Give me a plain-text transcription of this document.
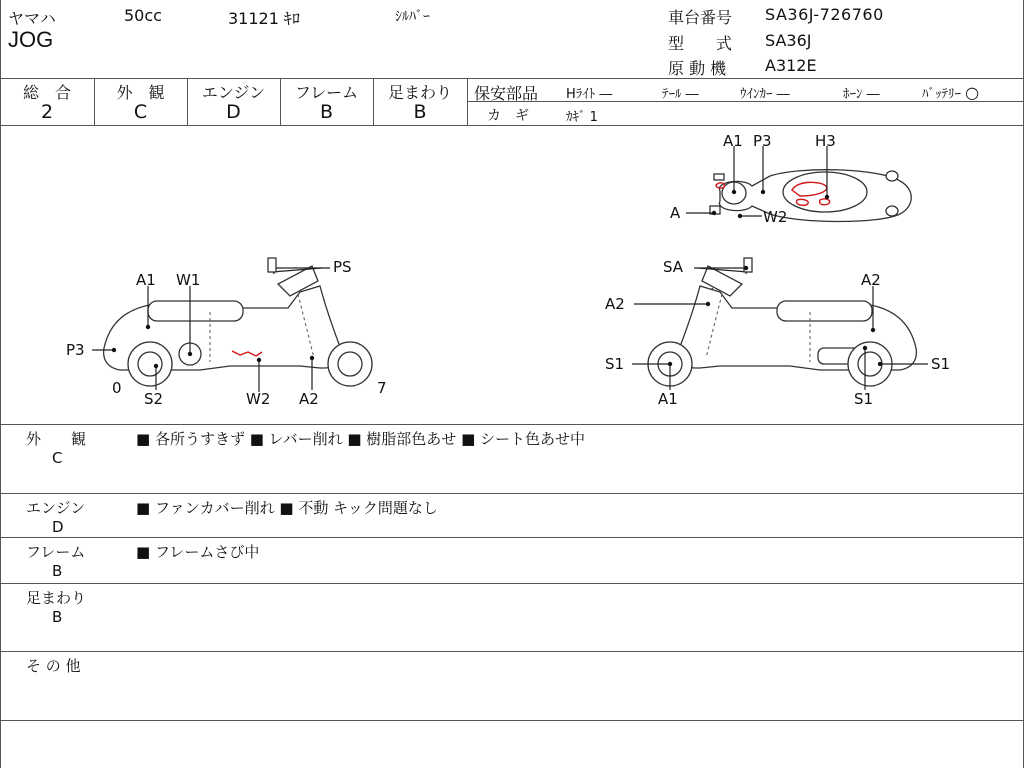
ヤマハ	50cc	31121 ｷﾛ	ｼﾙﾊﾞｰ
JOG
車台番号 SA36J-726760
型　　式 SA36J
原 動 機 A312E
総　合
2
外　観
C
エンジン
D
フレーム
B
足まわり
B
保安部品 Hﾗｲﾄ ―	ﾃｰﾙ ―	ｳｲﾝｶｰ ―	ﾎｰﾝ ―	ﾊﾞｯﾃﾘｰ ○
カ　ギ	ｶｷﾞ 1
A1 P3	H3
A	W2
A1 W1
PS
P3
0
S2	W2 A2
7
SA
A2
A2
S1	S1
A1	S1
外　　観
C
■ 各所うすきず ■ レバー削れ ■ 樹脂部色あせ ■ シート色あせ中
エンジン
D
■ ファンカバー削れ ■ 不動 キック問題なし
フレーム
B
■ フレームさび中
足まわり
B
そ の 他
